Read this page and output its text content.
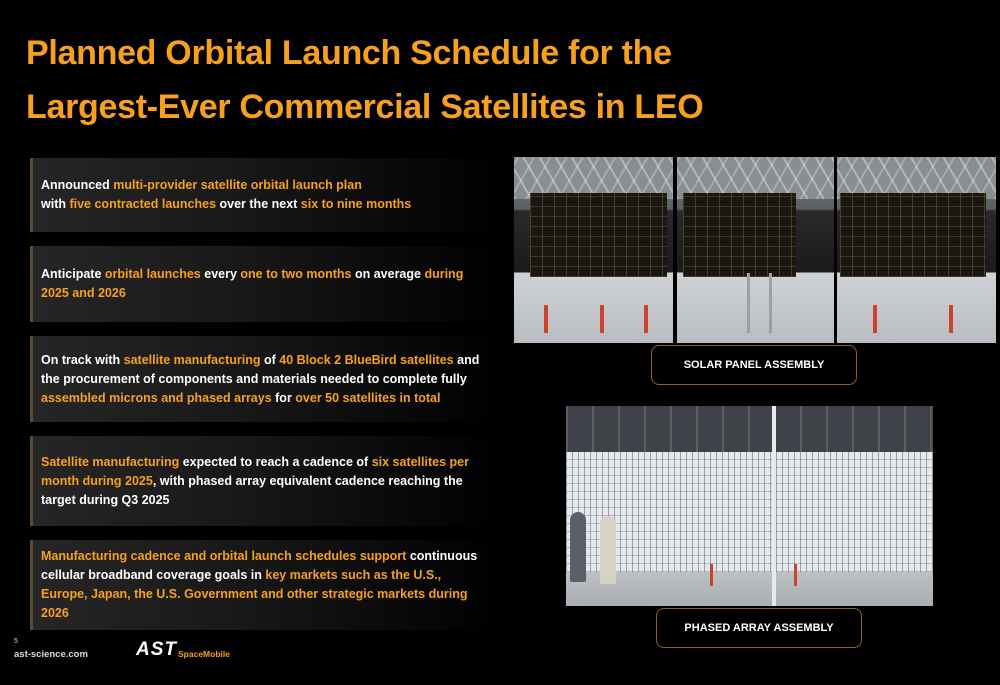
Planned Orbital Launch Schedule for the
Largest-Ever Commercial Satellites in LEO
Announced multi-provider satellite orbital launch plan
with five contracted launches over the next six to nine months
Anticipate orbital launches every one to two months on average during 2025 and 2026
On track with satellite manufacturing of 40 Block 2 BlueBird satellites and the procurement of components and materials needed to complete fully assembled microns and phased arrays for over 50 satellites in total
Satellite manufacturing expected to reach a cadence of six satellites per month during 2025, with phased array equivalent cadence reaching the target during Q3 2025
Manufacturing cadence and orbital launch schedules support continuous cellular broadband coverage goals in key markets such as the U.S., Europe, Japan, the U.S. Government and other strategic markets during 2026
SOLAR PANEL ASSEMBLY
PHASED ARRAY ASSEMBLY
5
ast-science.com	AST SpaceMobile
